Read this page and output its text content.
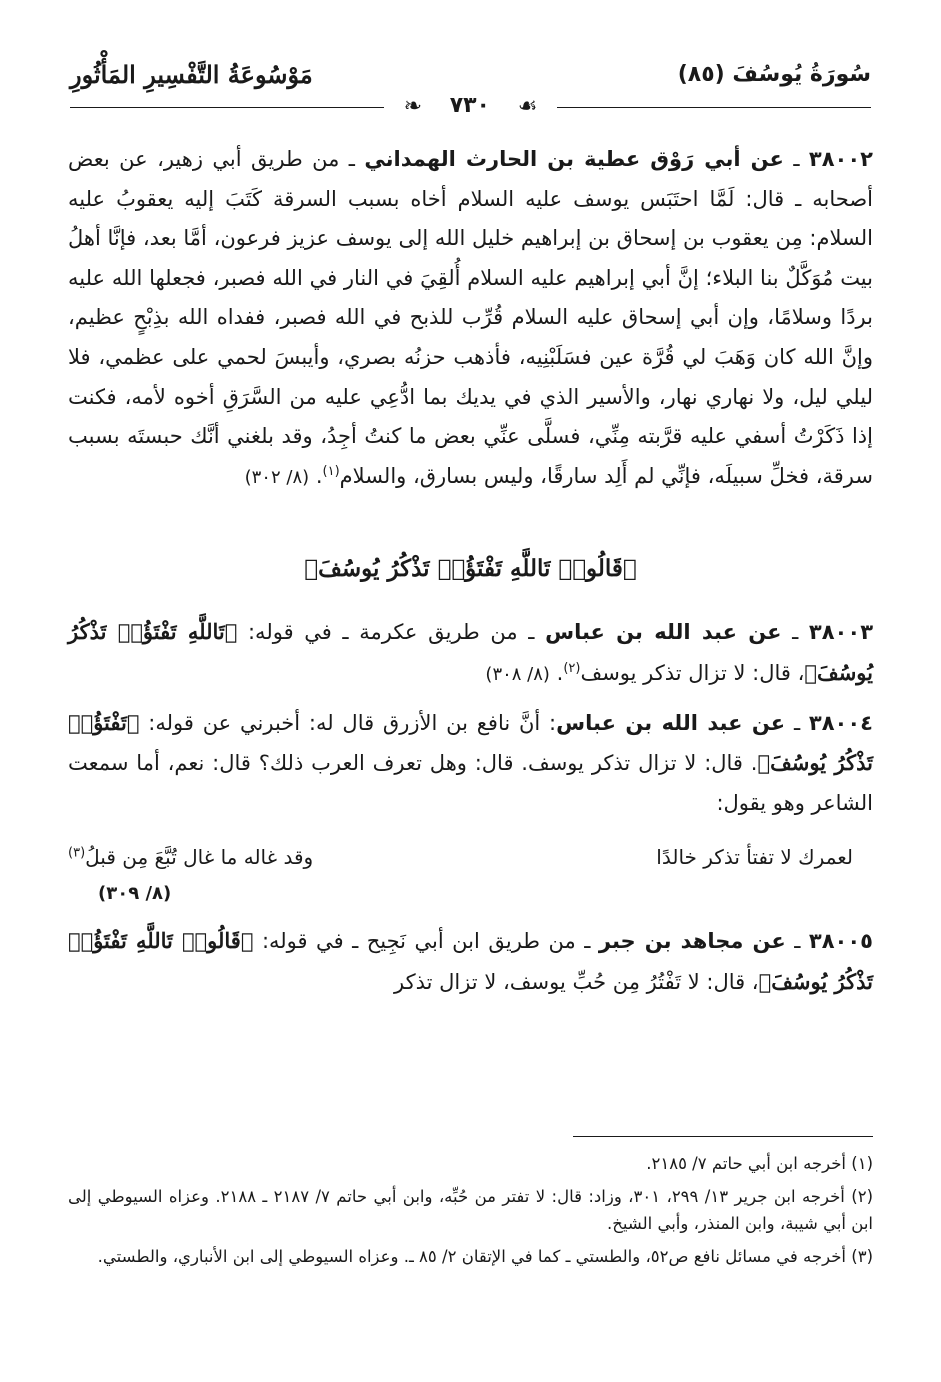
سُورَةُ يُوسُفَ (٨٥)
مَوْسُوعَةُ التَّفْسِيرِ المَأْثُورِ
❧ ٧٣٠ ☙

٣٨٠٠٢ ـ عن أبي رَوْق عطية بن الحارث الهمداني ـ من طريق أبي زهير، عن بعض أصحابه ـ قال: لَمَّا احتَبَس يوسف عليه السلام أخاه بسبب السرقة كَتَبَ إليه يعقوبُ عليه السلام: مِن يعقوب بن إسحاق بن إبراهيم خليل الله إلى يوسف عزيز فرعون، أمَّا بعد، فإنَّا أهلُ بيت مُوَكَّلٌ بنا البلاء؛ إنَّ أبي إبراهيم عليه السلام أُلقِيَ في النار في الله فصبر، فجعلها الله عليه بردًا وسلامًا، وإن أبي إسحاق عليه السلام قُرِّب للذبح في الله فصبر، ففداه الله بذِبْحٍ عظيم، وإنَّ الله كان وَهَبَ لي قُرَّة عين فسَلَبْنِيه، فأذهب حزنُه بصري، وأيبسَ لحمي على عظمي، فلا ليلي ليل، ولا نهاري نهار، والأسير الذي في يديك بما ادُّعِي عليه من السَّرَقِ أخوه لأمه، فكنت إذا ذَكَرْتُ أسفي عليه قرَّبته مِنِّي، فسلَّى عنِّي بعض ما كنتُ أجِدُ، وقد بلغني أنَّك حبستَه بسبب سرقة، فخلِّ سبيلَه، فإنِّي لم أَلِد سارقًا، وليس بسارق، والسلام$^{(١)}$. (٨/ ٣٠٢)

﴿قَالُوا۟ تَاللَّهِ تَفْتَؤُا۟ تَذْكُرُ يُوسُفَ﴾

٣٨٠٠٣ ـ عن عبد الله بن عباس ـ من طريق عكرمة ـ في قوله: ﴿تَاللَّهِ تَفْتَؤُا۟ تَذْكُرُ يُوسُفَ﴾، قال: لا تزال تذكر يوسف$^{(٢)}$. (٨/ ٣٠٨)

٣٨٠٠٤ ـ عن عبد الله بن عباس: أنَّ نافع بن الأزرق قال له: أخبرني عن قوله: ﴿تَفْتَؤُا۟ تَذْكُرُ يُوسُفَ﴾. قال: لا تزال تذكر يوسف. قال: وهل تعرف العرب ذلك؟ قال: نعم، أما سمعت الشاعر وهو يقول:

لعمرك لا تفتأ تذكر خالدًا
وقد غاله ما غال تُبَّعَ مِن قبلُ$^{(٣)}$
(٨/ ٣٠٩)

٣٨٠٠٥ ـ عن مجاهد بن جبر ـ من طريق ابن أبي نَجِيح ـ في قوله: ﴿قَالُوا۟ تَاللَّهِ تَفْتَؤُا۟ تَذْكُرُ يُوسُفَ﴾، قال: لا تَفْتُرُ مِن حُبِّ يوسف، لا تزال تذكر

(١) أخرجه ابن أبي حاتم ٧/ ٢١٨٥.

(٢) أخرجه ابن جرير ١٣/ ٢٩٩، ٣٠١، وزاد: قال: لا تفتر من حُبِّه، وابن أبي حاتم ٧/ ٢١٨٧ ـ ٢١٨٨. وعزاه السيوطي إلى ابن أبي شيبة، وابن المنذر، وأبي الشيخ.

(٣) أخرجه في مسائل نافع ص٥٢، والطستي ـ كما في الإتقان ٢/ ٨٥ ـ. وعزاه السيوطي إلى ابن الأنباري، والطستي.
